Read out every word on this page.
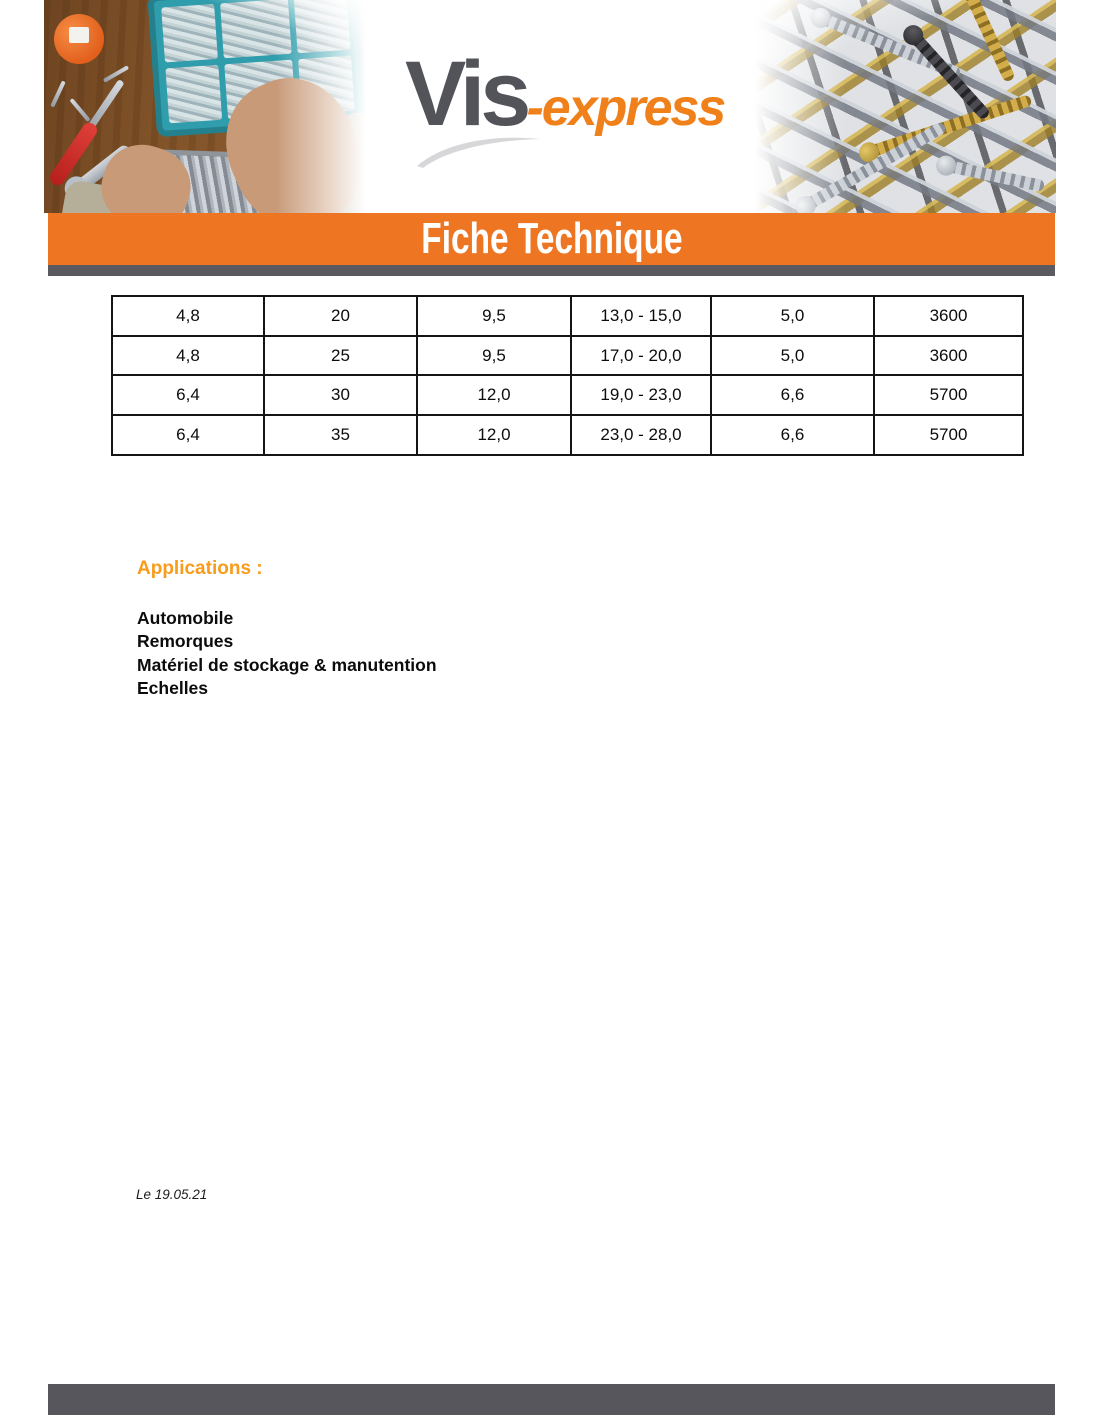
Vis -express
Fiche Technique
4,8	20	9,5	13,0 - 15,0	5,0	3600
4,8	25	9,5	17,0 - 20,0	5,0	3600
6,4	30	12,0	19,0 - 23,0	6,6	5700
6,4	35	12,0	23,0 - 28,0	6,6	5700

Applications :

Automobile
Remorques
Matériel de stockage & manutention
Echelles
Le 19.05.21
